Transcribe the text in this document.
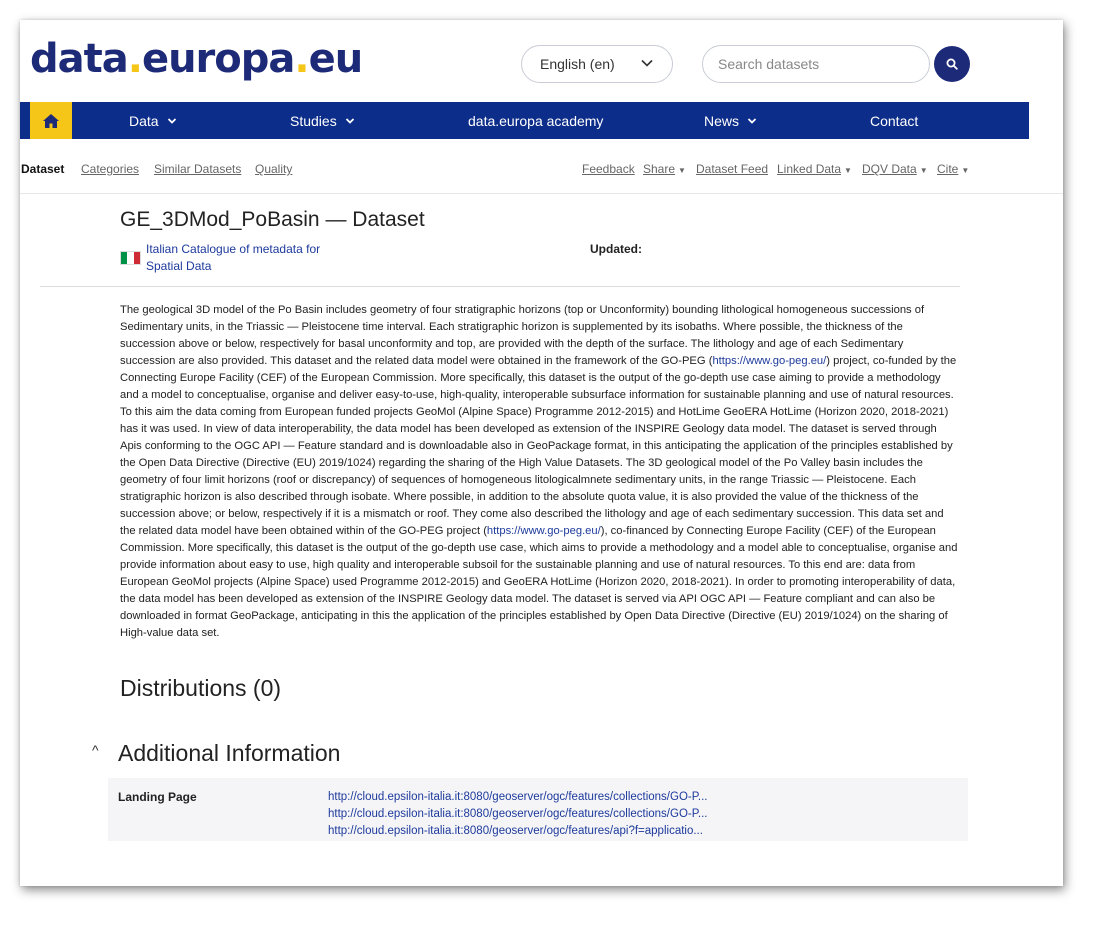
data.europa.eu	English (en)
Search datasets
Data	Studies	data.europa academy	News	Contact
Dataset Categories Similar Datasets Quality	Feedback Share ▼ Dataset Feed Linked Data ▼ DQV Data ▼ Cite ▼
GE_3DMod_PoBasin — Dataset
Italian Catalogue of metadata for Spatial Data
Updated:
The geological 3D model of the Po Basin includes geometry of four stratigraphic horizons (top or Unconformity) bounding lithological homogeneous successions of Sedimentary units, in the Triassic — Pleistocene time interval. Each stratigraphic horizon is supplemented by its isobaths. Where possible, the thickness of the succession above or below, respectively for basal unconformity and top, are provided with the depth of the surface. The lithology and age of each Sedimentary succession are also provided. This dataset and the related data model were obtained in the framework of the GO-PEG (https://www.go-peg.eu/) project, co-funded by the Connecting Europe Facility (CEF) of the European Commission. More specifically, this dataset is the output of the go-depth use case aiming to provide a methodology and a model to conceptualise, organise and deliver easy-to-use, high-quality, interoperable subsurface information for sustainable planning and use of natural resources. To this aim the data coming from European funded projects GeoMol (Alpine Space) Programme 2012-2015) and HotLime GeoERA HotLime (Horizon 2020, 2018-2021) has it was used. In view of data interoperability, the data model has been developed as extension of the INSPIRE Geology data model. The dataset is served through Apis conforming to the OGC API — Feature standard and is downloadable also in GeoPackage format, in this anticipating the application of the principles established by the Open Data Directive (Directive (EU) 2019/1024) regarding the sharing of the High Value Datasets. The 3D geological model of the Po Valley basin includes the geometry of four limit horizons (roof or discrepancy) of sequences of homogeneous litologicalmnete sedimentary units, in the range Triassic — Pleistocene. Each stratigraphic horizon is also described through isobate. Where possible, in addition to the absolute quota value, it is also provided the value of the thickness of the succession above; or below, respectively if it is a mismatch or roof. They come also described the lithology and age of each sedimentary succession. This data set and the related data model have been obtained within of the GO-PEG project (https://www.go-peg.eu/), co-financed by Connecting Europe Facility (CEF) of the European Commission. More specifically, this dataset is the output of the go-depth use case, which aims to provide a methodology and a model able to conceptualise, organise and provide information about easy to use, high quality and interoperable subsoil for the sustainable planning and use of natural resources. To this end are: data from European GeoMol projects (Alpine Space) used Programme 2012-2015) and GeoERA HotLime (Horizon 2020, 2018-2021). In order to promoting interoperability of data, the data model has been developed as extension of the INSPIRE Geology data model. The dataset is served via API OGC API — Feature compliant and can also be downloaded in format GeoPackage, anticipating in this the application of the principles established by Open Data Directive (Directive (EU) 2019/1024) on the sharing of High-value data set.
Distributions (0)
^ Additional Information
Landing Page	http://cloud.epsilon-italia.it:8080/geoserver/ogc/features/collections/GO-P...
http://cloud.epsilon-italia.it:8080/geoserver/ogc/features/collections/GO-P...
http://cloud.epsilon-italia.it:8080/geoserver/ogc/features/api?f=applicatio...
